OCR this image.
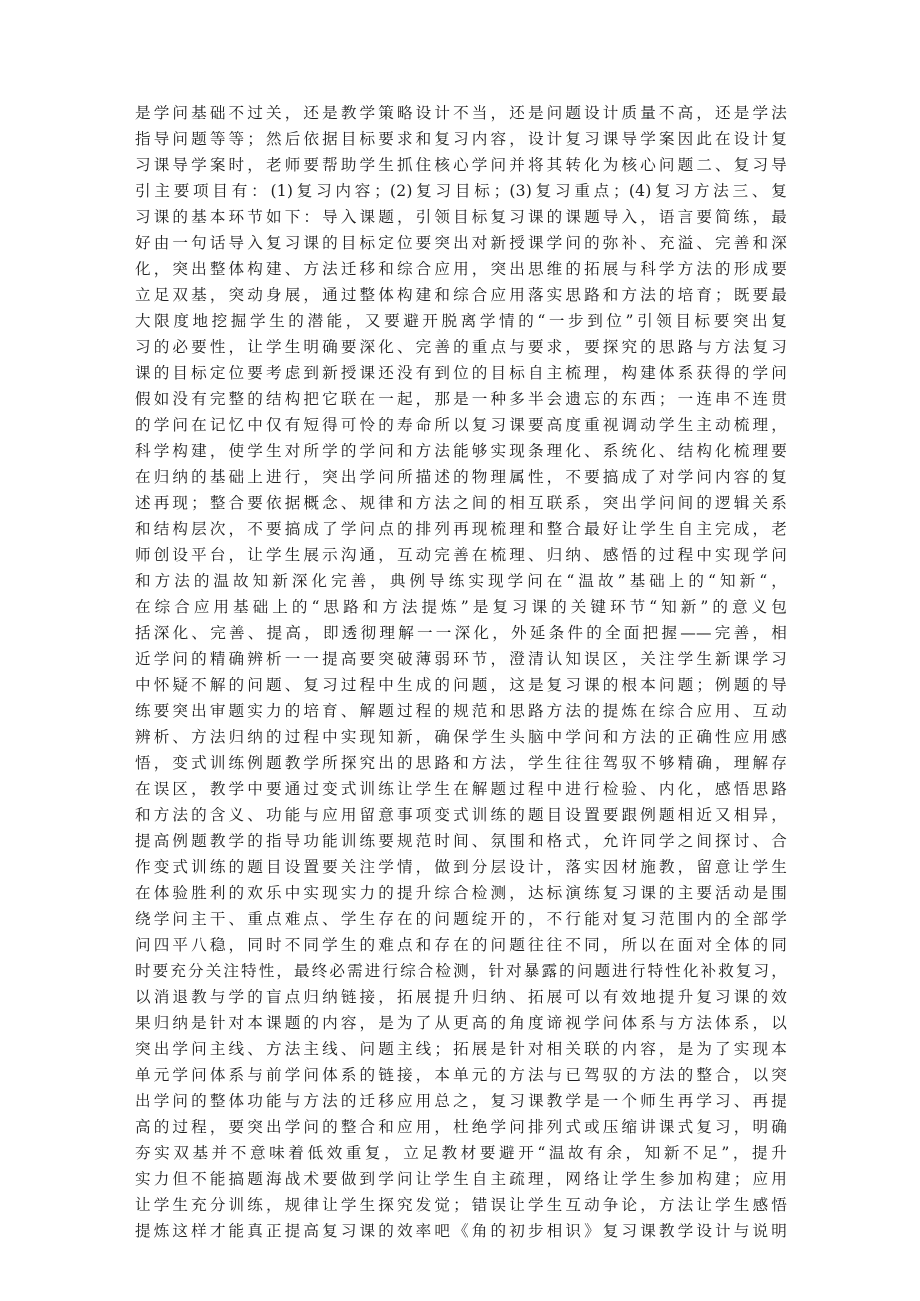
是学问基础不过关，还是教学策略设计不当，还是问题设计质量不高，还是学法
指导问题等等；然后依据目标要求和复习内容，设计复习课导学案因此在设计复
习课导学案时，老师要帮助学生抓住核心学问并将其转化为核心问题二、复习导
引主要项目有：(1)复习内容；(2)复习目标；(3)复习重点；(4)复习方法三、复
习课的基本环节如下：导入课题，引领目标复习课的课题导入，语言要简练，最
好由一句话导入复习课的目标定位要突出对新授课学问的弥补、充溢、完善和深
化，突出整体构建、方法迁移和综合应用，突出思维的拓展与科学方法的形成要
立足双基，突动身展，通过整体构建和综合应用落实思路和方法的培育；既要最
大限度地挖掘学生的潜能，又要避开脱离学情的“一步到位”引领目标要突出复
习的必要性，让学生明确要深化、完善的重点与要求，要探究的思路与方法复习
课的目标定位要考虑到新授课还没有到位的目标自主梳理，构建体系获得的学问
假如没有完整的结构把它联在一起，那是一种多半会遗忘的东西；一连串不连贯
的学问在记忆中仅有短得可怜的寿命所以复习课要高度重视调动学生主动梳理，
科学构建，使学生对所学的学问和方法能够实现条理化、系统化、结构化梳理要
在归纳的基础上进行，突出学问所描述的物理属性，不要搞成了对学问内容的复
述再现；整合要依据概念、规律和方法之间的相互联系，突出学问间的逻辑关系
和结构层次，不要搞成了学问点的排列再现梳理和整合最好让学生自主完成，老
师创设平台，让学生展示沟通，互动完善在梳理、归纳、感悟的过程中实现学问
和方法的温故知新深化完善，典例导练实现学问在“温故”基础上的“知新“，
在综合应用基础上的“思路和方法提炼”是复习课的关键环节“知新”的意义包
括深化、完善、提高，即透彻理解一一深化，外延条件的全面把握——完善，相
近学问的精确辨析一一提高要突破薄弱环节，澄清认知误区，关注学生新课学习
中怀疑不解的问题、复习过程中生成的问题，这是复习课的根本问题；例题的导
练要突出审题实力的培育、解题过程的规范和思路方法的提炼在综合应用、互动
辨析、方法归纳的过程中实现知新，确保学生头脑中学问和方法的正确性应用感
悟，变式训练例题教学所探究出的思路和方法，学生往往驾驭不够精确，理解存
在误区，教学中要通过变式训练让学生在解题过程中进行检验、内化，感悟思路
和方法的含义、功能与应用留意事项变式训练的题目设置要跟例题相近又相异，
提高例题教学的指导功能训练要规范时间、氛围和格式，允许同学之间探讨、合
作变式训练的题目设置要关注学情，做到分层设计，落实因材施教，留意让学生
在体验胜利的欢乐中实现实力的提升综合检测，达标演练复习课的主要活动是围
绕学问主干、重点难点、学生存在的问题绽开的，不行能对复习范围内的全部学
问四平八稳，同时不同学生的难点和存在的问题往往不同，所以在面对全体的同
时要充分关注特性，最终必需进行综合检测，针对暴露的问题进行特性化补救复习，
以消退教与学的盲点归纳链接，拓展提升归纳、拓展可以有效地提升复习课的效
果归纳是针对本课题的内容，是为了从更高的角度谛视学问体系与方法体系，以
突出学问主线、方法主线、问题主线；拓展是针对相关联的内容，是为了实现本
单元学问体系与前学问体系的链接，本单元的方法与已驾驭的方法的整合，以突
出学问的整体功能与方法的迁移应用总之，复习课教学是一个师生再学习、再提
高的过程，要突出学问的整合和应用，杜绝学问排列式或压缩讲课式复习，明确
夯实双基并不意味着低效重复，立足教材要避开“温故有余，知新不足”，提升
实力但不能搞题海战术要做到学问让学生自主疏理，网络让学生参加构建；应用
让学生充分训练，规律让学生探究发觉；错误让学生互动争论，方法让学生感悟
提炼这样才能真正提高复习课的效率吧《角的初步相识》复习课教学设计与说明
